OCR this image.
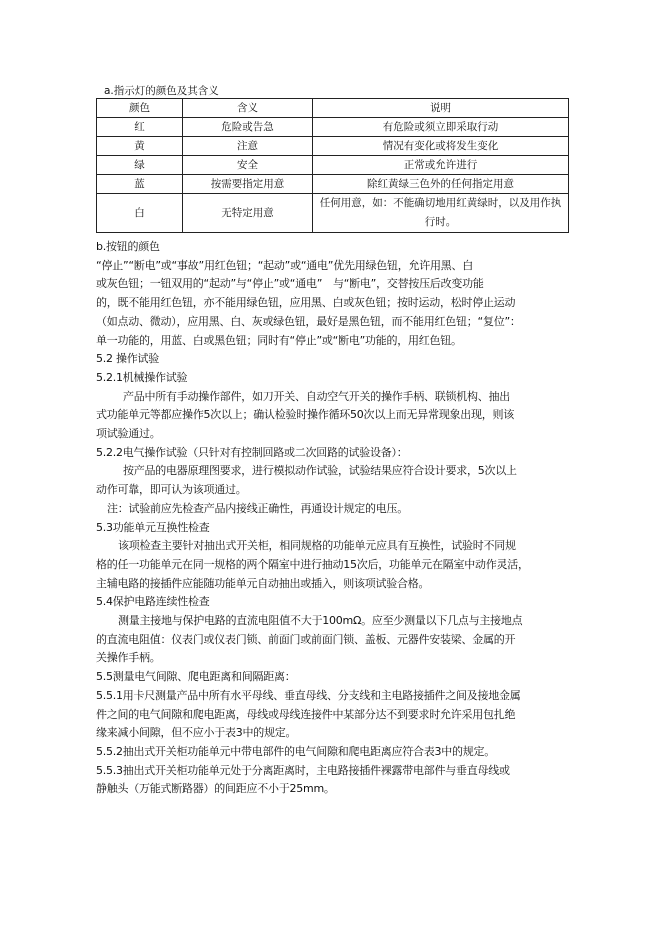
a.指示灯的颜色及其含义
颜色	含义	说明
红	危险或告急	有危险或须立即采取行动
黄	注意	情况有变化或将发生变化
绿	安全	正常或允许进行
蓝	按需要指定用意	除红黄绿三色外的任何指定用意
白	无特定用意	任何用意，如：不能确切地用红黄绿时，以及用作执行时。

b.按钮的颜色

“停止”“断电”或“事故”用红色钮；“起动”或“通电”优先用绿色钮，允许用黑、白

或灰色钮；一钮双用的“起动”与“停止”或“通电”　与“断电”，交替按压后改变功能

的，既不能用红色钮，亦不能用绿色钮，应用黑、白或灰色钮；按时运动，松时停止运动

（如点动、微动），应用黑、白、灰或绿色钮，最好是黑色钮，而不能用红色钮；“复位”：

单一功能的，用蓝、白或黑色钮；同时有“停止”或“断电”功能的，用红色钮。

5.2 操作试验

5.2.1机械操作试验

产品中所有手动操作部件，如刀开关、自动空气开关的操作手柄、联锁机构、抽出

式功能单元等都应操作5次以上；确认检验时操作循环50次以上而无异常现象出现，则该

项试验通过。

5.2.2电气操作试验（只针对有控制回路或二次回路的试验设备）：

按产品的电器原理图要求，进行模拟动作试验，试验结果应符合设计要求，5次以上

动作可靠，即可认为该项通过。

注：试验前应先检查产品内接线正确性，再通设计规定的电压。

5.3功能单元互换性检查

该项检查主要针对抽出式开关柜，相同规格的功能单元应具有互换性，试验时不同规

格的任一功能单元在同一规格的两个隔室中进行抽动15次后，功能单元在隔室中动作灵活，

主辅电路的接插件应能随功能单元自动抽出或插入，则该项试验合格。

5.4保护电路连续性检查

测量主接地与保护电路的直流电阻值不大于100mΩ。应至少测量以下几点与主接地点

的直流电阻值：仪表门或仪表门锁、前面门或前面门锁、盖板、元器件安装梁、金属的开

关操作手柄。

5.5测量电气间隙、爬电距离和间隔距离：

5.5.1用卡尺测量产品中所有水平母线、垂直母线、分支线和主电路接插件之间及接地金属

件之间的电气间隙和爬电距离，母线或母线连接件中某部分达不到要求时允许采用包扎绝

缘来减小间隙，但不应小于表3中的规定。

5.5.2抽出式开关柜功能单元中带电部件的电气间隙和爬电距离应符合表3中的规定。

5.5.3抽出式开关柜功能单元处于分离距离时，主电路接插件裸露带电部件与垂直母线或

静触头（万能式断路器）的间距应不小于25mm。
